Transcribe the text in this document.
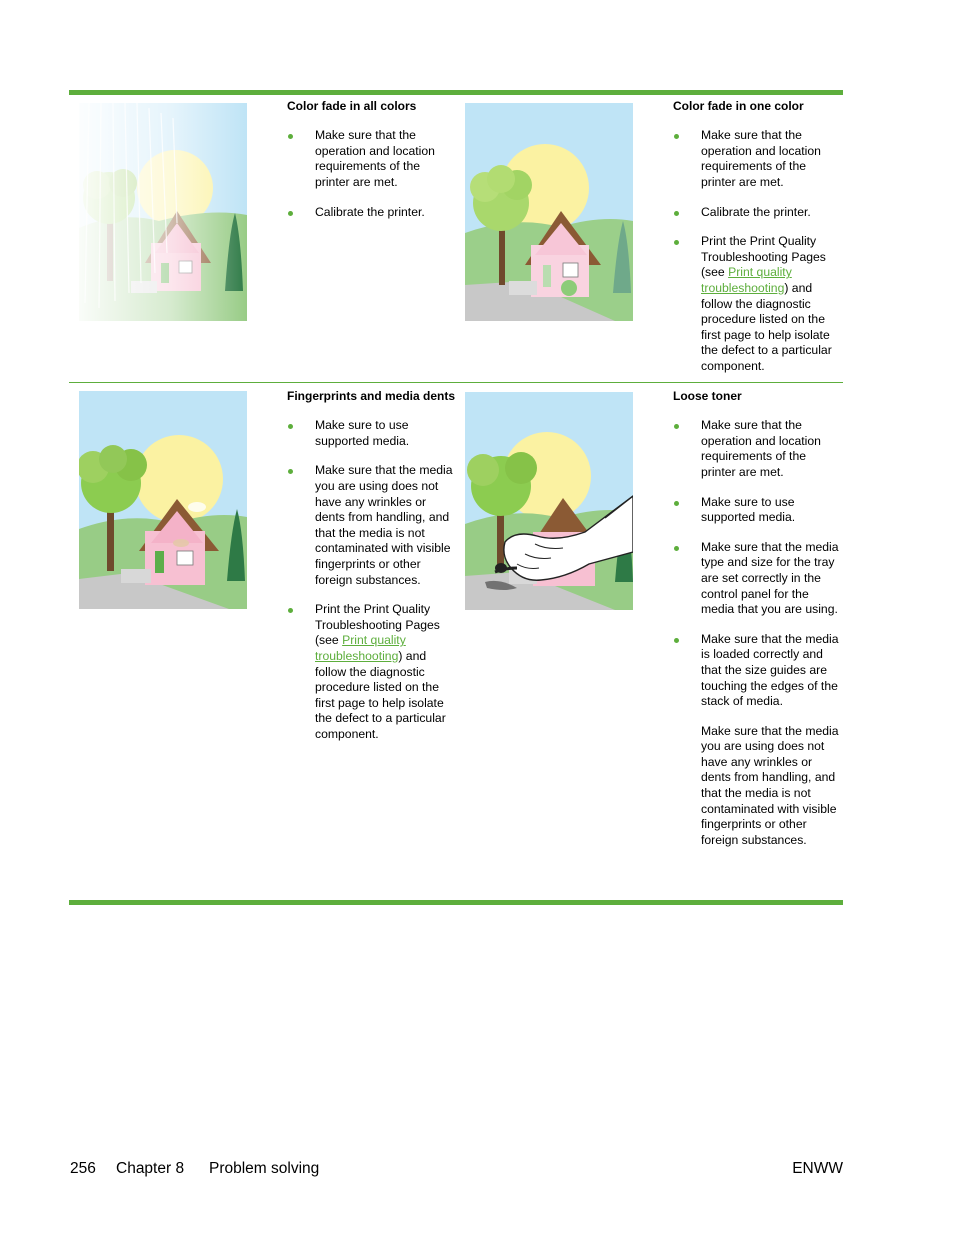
Color fade in all colors
Make sure that the operation and location requirements of the printer are met.
Calibrate the printer.
Color fade in one color
Make sure that the operation and location requirements of the printer are met.
Calibrate the printer.
Print the Print Quality Troubleshooting Pages (see Print quality troubleshooting) and follow the diagnostic procedure listed on the first page to help isolate the defect to a particular component.
Fingerprints and media dents
Make sure to use supported media.
Make sure that the media you are using does not have any wrinkles or dents from handling, and that the media is not contaminated with visible fingerprints or other foreign substances.
Print the Print Quality Troubleshooting Pages (see Print quality troubleshooting) and follow the diagnostic procedure listed on the first page to help isolate the defect to a particular component.
Loose toner
Make sure that the operation and location requirements of the printer are met.
Make sure to use supported media.
Make sure that the media type and size for the tray are set correctly in the control panel for the media that you are using.
Make sure that the media is loaded correctly and that the size guides are touching the edges of the stack of media.
Make sure that the media you are using does not have any wrinkles or dents from handling, and that the media is not contaminated with visible fingerprints or other foreign substances.
256 Chapter 8 Problem solving	ENWW
